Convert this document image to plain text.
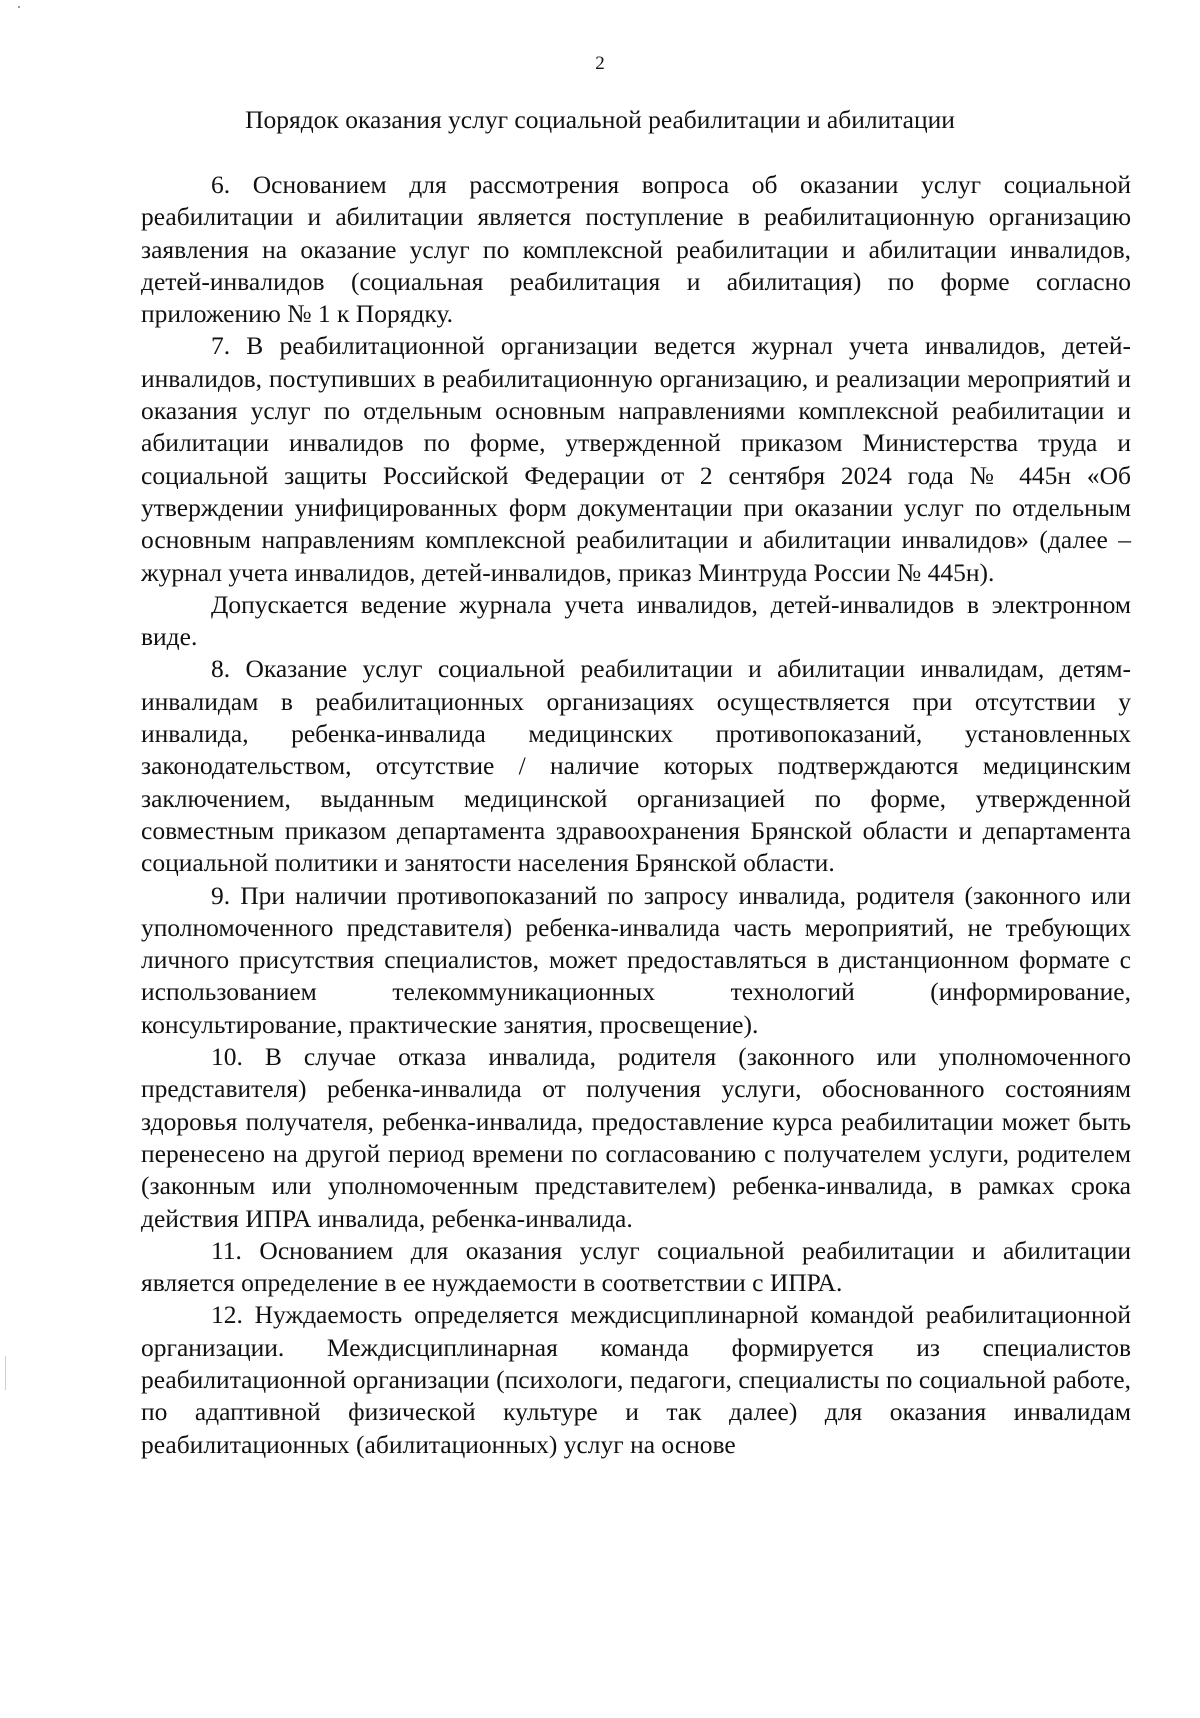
2
Порядок оказания услуг социальной реабилитации и абилитации

6. Основанием для рассмотрения вопроса об оказании услуг социальной реабилитации и абилитации является поступление в реабилитационную организацию заявления на оказание услуг по комплексной реабилитации и абилитации инвалидов, детей-инвалидов (социальная реабилитация и абилитация) по форме согласно приложению № 1 к Порядку.

7. В реабилитационной организации ведется журнал учета инвалидов, детей-инвалидов, поступивших в реабилитационную организацию, и реализации мероприятий и оказания услуг по отдельным основным направлениями комплексной реабилитации и абилитации инвалидов по форме, утвержденной приказом Министерства труда и социальной защиты Российской Федерации от 2 сентября 2024 года № 445н «Об утверждении унифицированных форм документации при оказании услуг по отдельным основным направлениям комплексной реабилитации и абилитации инвалидов» (далее – журнал учета инвалидов, детей-инвалидов, приказ Минтруда России № 445н).

Допускается ведение журнала учета инвалидов, детей-инвалидов в электронном виде.

8. Оказание услуг социальной реабилитации и абилитации инвалидам, детям-инвалидам в реабилитационных организациях осуществляется при отсутствии у инвалида, ребенка-инвалида медицинских противопоказаний, установленных законодательством, отсутствие / наличие которых подтверждаются медицинским заключением, выданным медицинской организацией по форме, утвержденной совместным приказом департамента здравоохранения Брянской области и департамента социальной политики и занятости населения Брянской области.

9. При наличии противопоказаний по запросу инвалида, родителя (законного или уполномоченного представителя) ребенка-инвалида часть мероприятий, не требующих личного присутствия специалистов, может предоставляться в дистанционном формате с использованием телекоммуникационных технологий (информирование, консультирование, практические занятия, просвещение).

10. В случае отказа инвалида, родителя (законного или уполномоченного представителя) ребенка-инвалида от получения услуги, обоснованного состояниям здоровья получателя, ребенка-инвалида, предоставление курса реабилитации может быть перенесено на другой период времени по согласованию с получателем услуги, родителем (законным или уполномоченным представителем) ребенка-инвалида, в рамках срока действия ИПРА инвалида, ребенка-инвалида.

11. Основанием для оказания услуг социальной реабилитации и абилитации является определение в ее нуждаемости в соответствии с ИПРА.

12. Нуждаемость определяется междисциплинарной командой реабилитационной организации. Междисциплинарная команда формируется из специалистов реабилитационной организации (психологи, педагоги, специалисты по социальной работе, по адаптивной физической культуре и так далее) для оказания инвалидам реабилитационных (абилитационных) услуг на основе
